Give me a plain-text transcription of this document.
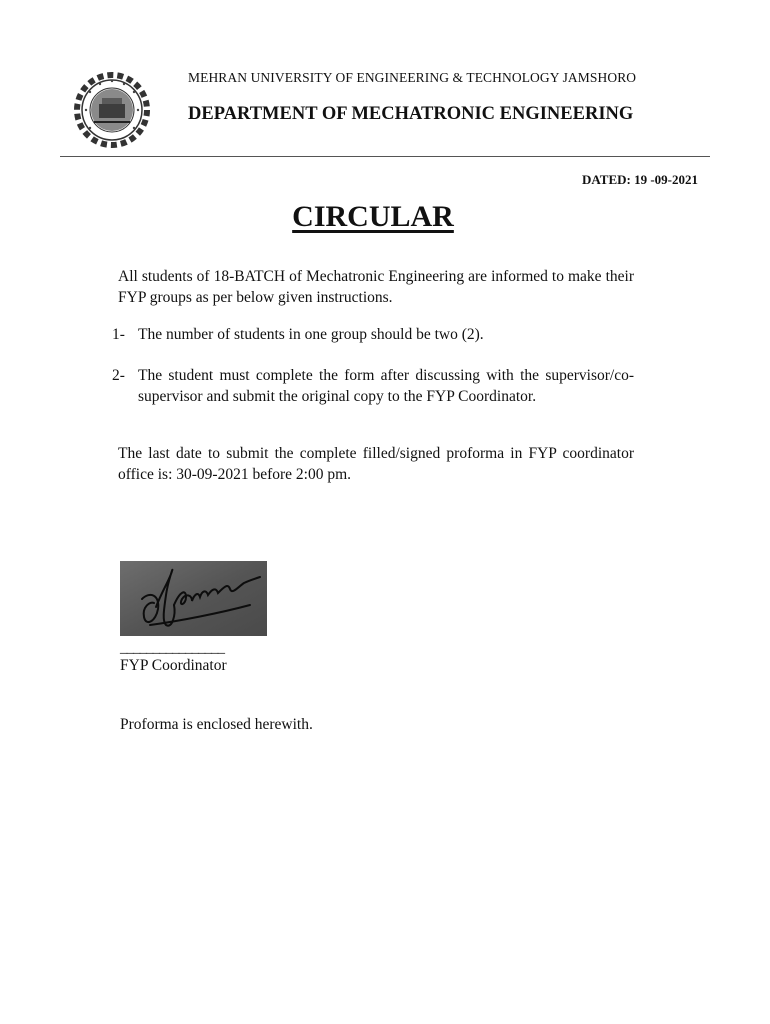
MEHRAN UNIVERSITY OF ENGINEERING & TECHNOLOGY JAMSHORO
DEPARTMENT OF MECHATRONIC ENGINEERING
DATED: 19 -09-2021
CIRCULAR
All students of 18-BATCH of Mechatronic Engineering are informed to make their FYP groups as per below given instructions.
1- The number of students in one group should be two (2).
2- The student must complete the form after discussing with the supervisor/co-supervisor and submit the original copy to the FYP Coordinator.
The last date to submit the complete filled/signed proforma in FYP coordinator office is: 30-09-2021 before 2:00 pm.
________________
FYP Coordinator
Proforma is enclosed herewith.
